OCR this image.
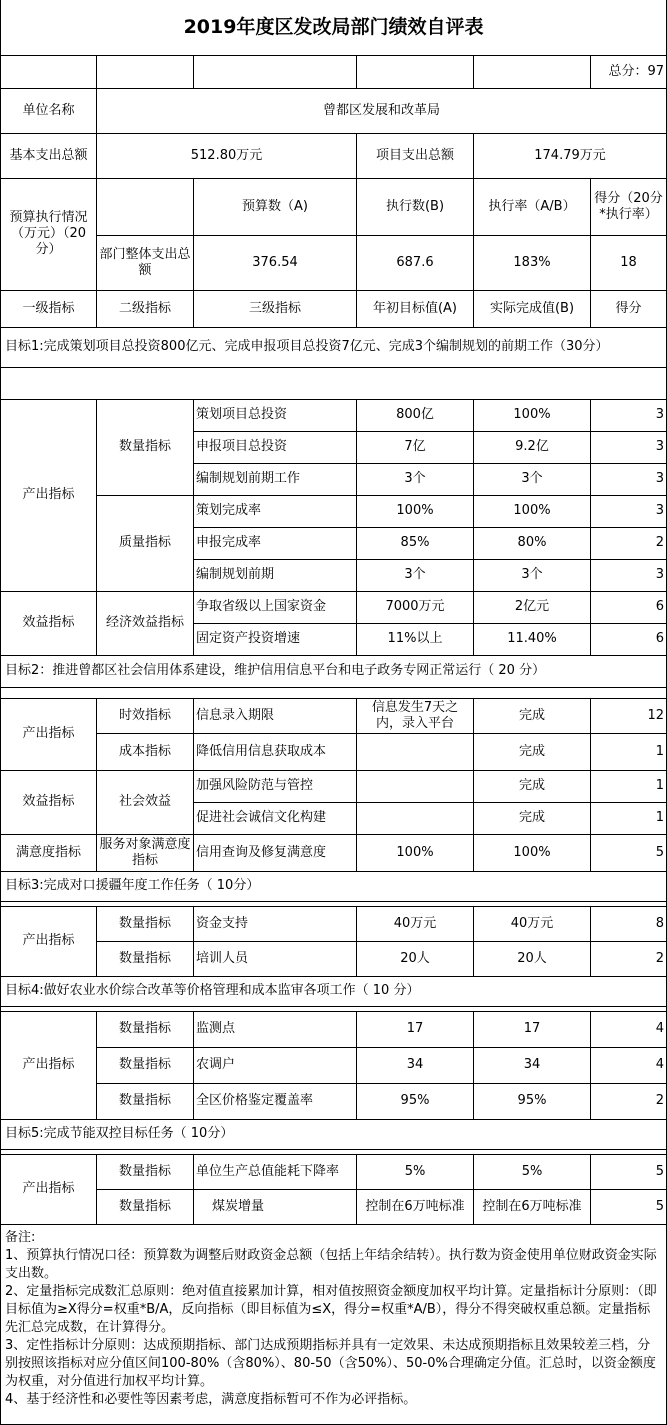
2019年度区发改局部门绩效自评表					
					总分：97
单位名称	曾都区发展和改革局				
基本支出总额	512.80万元		项目支出总额	174.79万元	
预算执行情况（万元）（20分）		预算数（A)	执行数(B)	执行率（A/B）	得分（20分*执行率）
	部门整体支出总额	376.54	687.6	183%	18
一级指标	二级指标	三级指标	年初目标值(A)	实际完成值(B)	得分
目标1:完成策划项目总投资800亿元、完成申报项目总投资7亿元、完成3个编制规划的前期工作（30分）					

产出指标	数量指标	策划项目总投资	800亿	100%	3
		申报项目总投资	7亿	9.2亿	3
		编制规划前期工作	3个	3个	3
	质量指标	策划完成率	100%	100%	3
		申报完成率	85%	80%	2
		编制规划前期	3个	3个	3
效益指标	经济效益指标	争取省级以上国家资金	7000万元	2亿元	6
		固定资产投资增速	11%以上	11.40%	6
目标2：推进曾都区社会信用体系建设，维护信用信息平台和电子政务专网正常运行（ 20 分）					

产出指标	时效指标	信息录入期限	信息发生7天之内，录入平台	完成	12
	成本指标	降低信用信息获取成本		完成	1
效益指标	社会效益	加强风险防范与管控		完成	1
		促进社会诚信文化构建		完成	1
满意度指标	服务对象满意度指标	信用查询及修复满意度	100%	100%	5
目标3:完成对口援疆年度工作任务（ 10分）					

产出指标	数量指标	资金支持	40万元	40万元	8
	数量指标	培训人员	20人	20人	2
目标4:做好农业水价综合改革等价格管理和成本监审各项工作（ 10 分）					

产出指标	数量指标	监测点	17	17	4
	数量指标	农调户	34	34	4
	数量指标	全区价格鉴定覆盖率	95%	95%	2
目标5:完成节能双控目标任务（ 10分）					

产出指标	数量指标	单位生产总值能耗下降率	5%	5%	5
	数量指标	煤炭增量	控制在6万吨标准	控制在6万吨标准	5

备注:
1、预算执行情况口径：预算数为调整后财政资金总额（包括上年结余结转）。执行数为资金使用单位财政资金实际支出数。
2、定量指标完成数汇总原则：绝对值直接累加计算，相对值按照资金额度加权平均计算。定量指标计分原则：（即目标值为≥X得分=权重*B/A，反向指标（即目标值为≤X，得分=权重*A/B），得分不得突破权重总额。定量指标先汇总完成数，在计算得分。
3、定性指标计分原则：达成预期指标、部门达成预期指标并具有一定效果、未达成预期指标且效果较差三档，分别按照该指标对应分值区间100-80%（含80%）、80-50（含50%）、50-0%合理确定分值。汇总时，以资金额度为权重，对分值进行加权平均计算。
4、基于经济性和必要性等因素考虑，满意度指标暂可不作为必评指标。					
